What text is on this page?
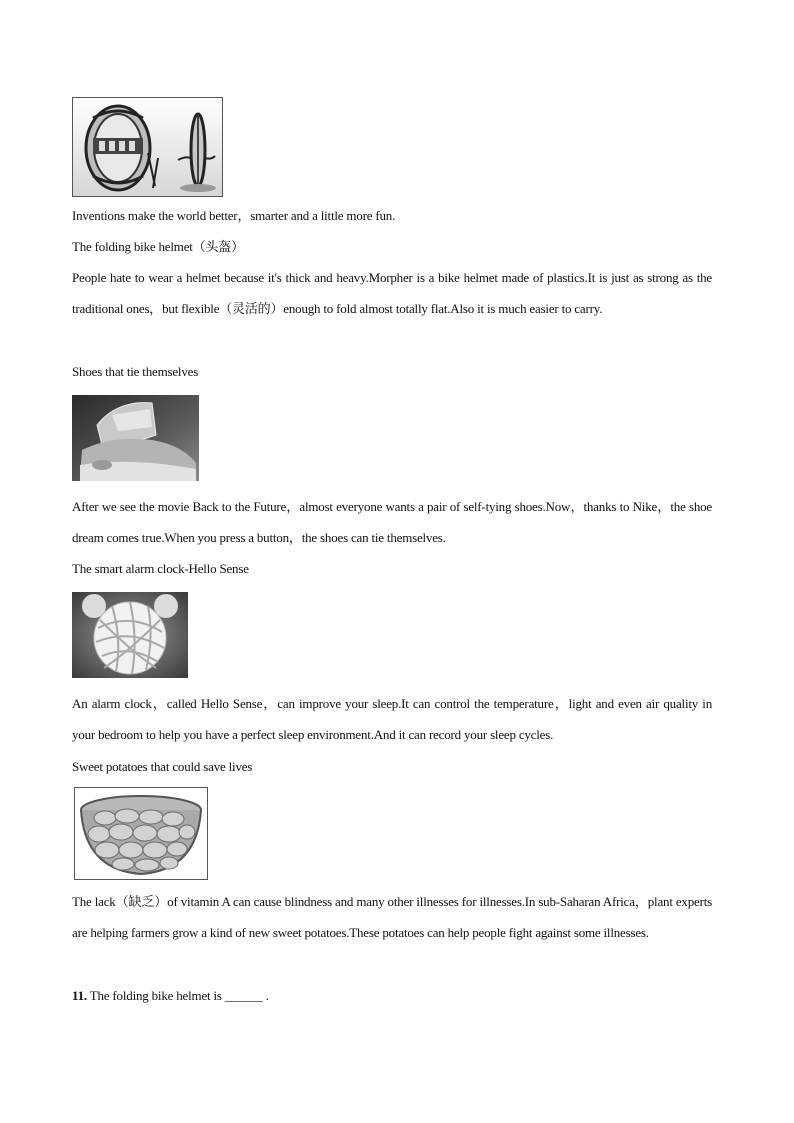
Inventions make the world better，smarter and a little more fun.
The folding bike helmet（头盔）
People hate to wear a helmet because it's thick and heavy.Morpher is a bike helmet made of plastics.It is just as strong as the traditional ones，but flexible（灵活的）enough to fold almost totally flat.Also it is much easier to carry.
Shoes that tie themselves
After we see the movie Back to the Future，almost everyone wants a pair of self-tying shoes.Now，thanks to Nike，the shoe dream comes true.When you press a button，the shoes can tie themselves.
The smart alarm clock-Hello Sense
An alarm clock，called Hello Sense，can improve your sleep.It can control the temperature，light and even air quality in your bedroom to help you have a perfect sleep environment.And it can record your sleep cycles.
Sweet potatoes that could save lives
The lack（缺乏）of vitamin A can cause blindness and many other illnesses for illnesses.In sub-Saharan Africa，plant experts are helping farmers grow a kind of new sweet potatoes.These potatoes can help people fight against some illnesses.
11. The folding bike helmet is ______ .
